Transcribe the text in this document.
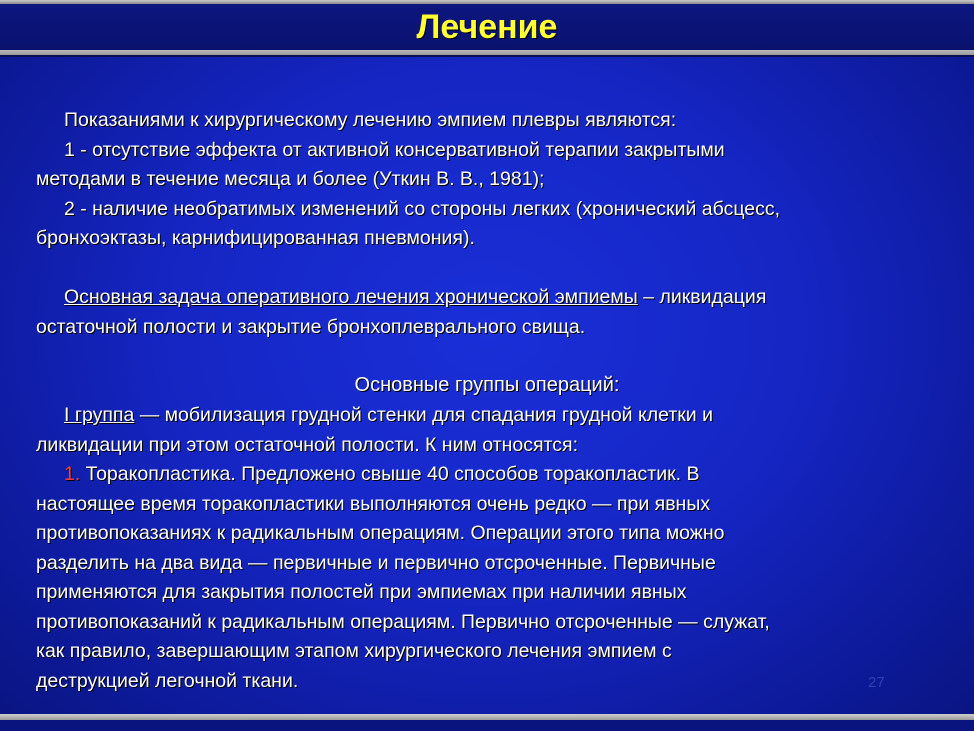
Лечение
Показаниями к хирургическому лечению эмпием плевры являются:
1 - отсутствие эффекта от активной консервативной терапии закрытыми
методами в течение месяца и более (Уткин В. В., 1981);
2 - наличие необратимых изменений со стороны легких (хронический абсцесс,
бронхоэктазы, карнифицированная пневмония).
Основная задача оперативного лечения хронической эмпиемы – ликвидация
остаточной полости и закрытие бронхоплеврального свища.
Основные группы операций:
I группа — мобилизация грудной стенки для спадания грудной клетки и
ликвидации при этом остаточной полости. К ним относятся:
1. Торакопластика. Предложено свыше 40 способов торакопластик. В
настоящее время торакопластики выполняются очень редко — при явных
противопоказаниях к радикальным операциям. Операции этого типа можно
разделить на два вида — первичные и первично отсроченные. Первичные
применяются для закрытия полостей при эмпиемах при наличии явных
противопоказаний к радикальным операциям. Первично отсроченные — служат,
как правило, завершающим этапом хирургического лечения эмпием с
деструкцией легочной ткани.	27
